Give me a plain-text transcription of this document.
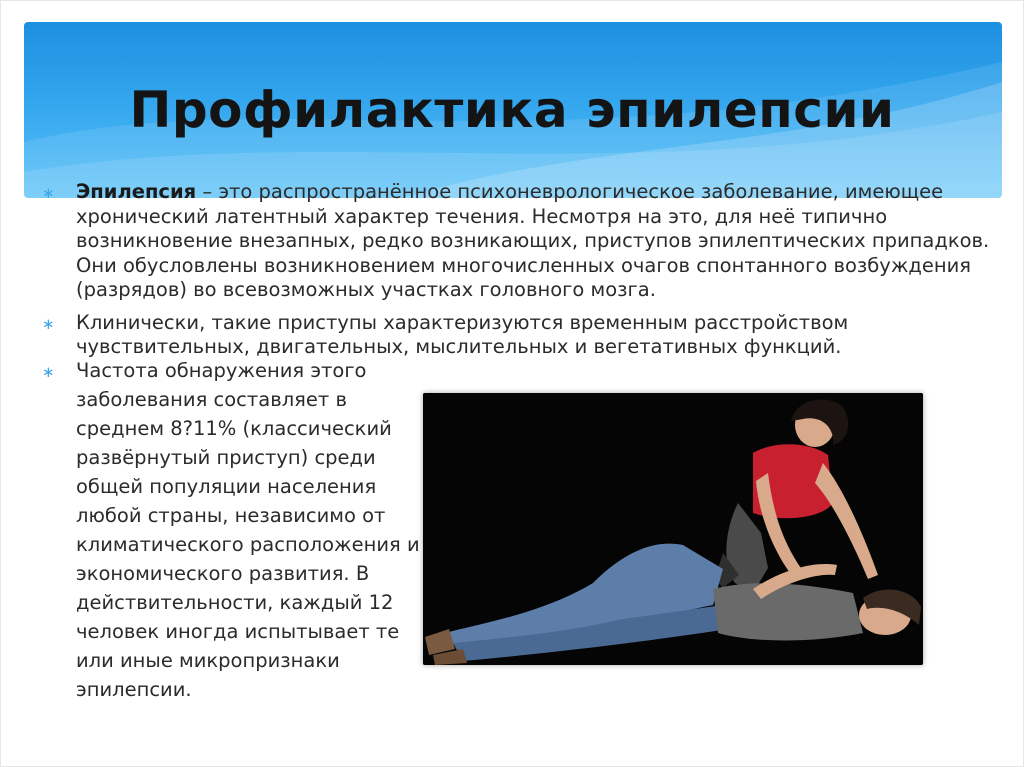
Профилактика эпилепсии

∗ Эпилепсия – это распространённое психоневрологическое заболевание, имеющее хронический латентный характер течения. Несмотря на это, для неё типично возникновение внезапных, редко возникающих, приступов эпилептических припадков. Они обусловлены возникновением многочисленных очагов спонтанного возбуждения (разрядов) во всевозможных участках головного мозга.

∗ Клинически, такие приступы характеризуются временным расстройством чувствительных, двигательных, мыслительных и вегетативных функций.

∗ Частота обнаружения этого заболевания составляет в среднем 8?11% (классический развёрнутый приступ) среди общей популяции населения любой страны, независимо от климатического расположения и экономического развития. В действительности, каждый 12 человек иногда испытывает те или иные микропризнаки эпилепсии.
